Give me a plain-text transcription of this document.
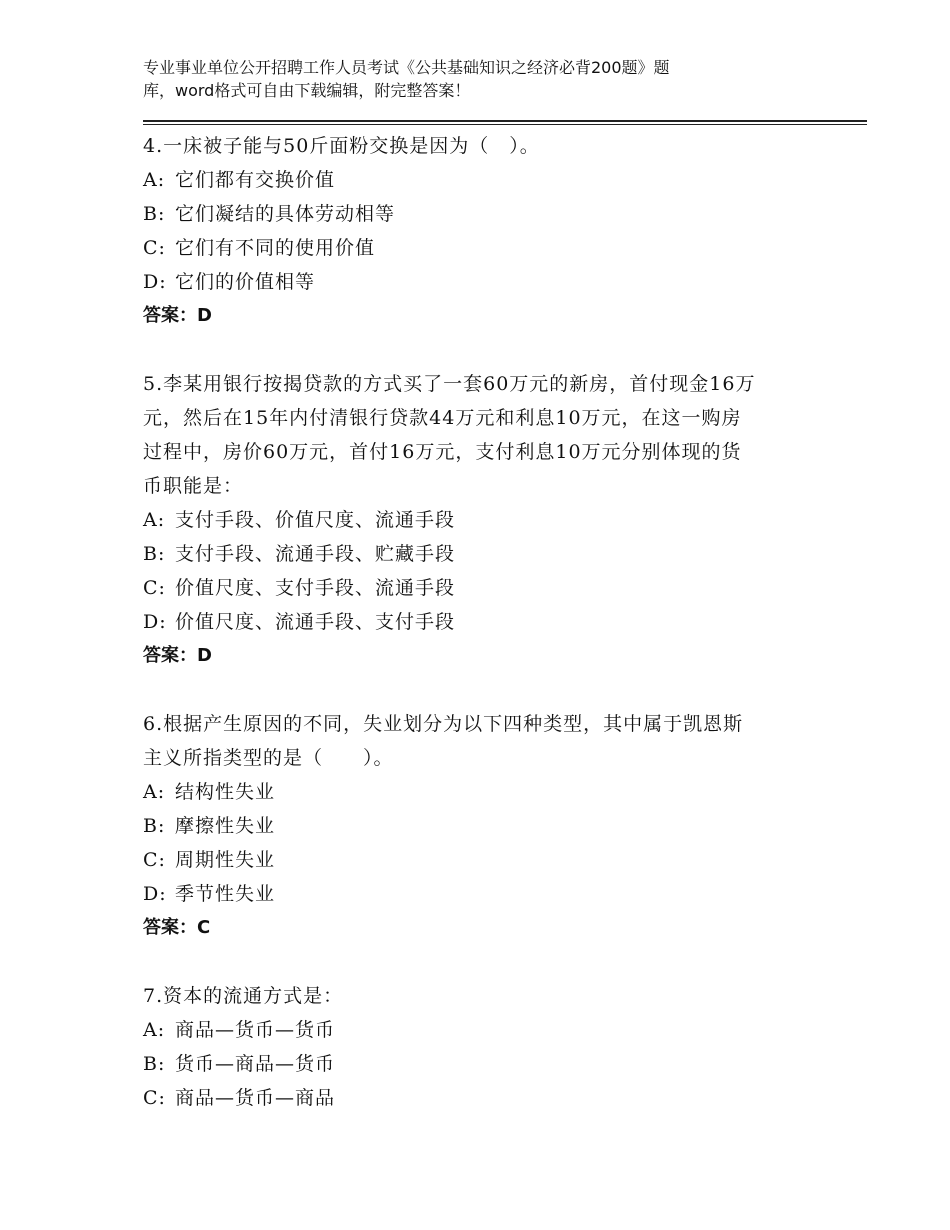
专业事业单位公开招聘工作人员考试《公共基础知识之经济必背200题》题
库，word格式可自由下载编辑，附完整答案！
4.一床被子能与50斤面粉交换是因为（　）。
A: 它们都有交换价值
B: 它们凝结的具体劳动相等
C: 它们有不同的使用价值
D: 它们的价值相等
答案：D
5.李某用银行按揭贷款的方式买了一套60万元的新房，首付现金16万
元，然后在15年内付清银行贷款44万元和利息10万元，在这一购房
过程中，房价60万元，首付16万元，支付利息10万元分别体现的货
币职能是：
A: 支付手段、价值尺度、流通手段
B: 支付手段、流通手段、贮藏手段
C: 价值尺度、支付手段、流通手段
D: 价值尺度、流通手段、支付手段
答案：D
6.根据产生原因的不同，失业划分为以下四种类型，其中属于凯恩斯
主义所指类型的是（　　）。
A: 结构性失业
B: 摩擦性失业
C: 周期性失业
D: 季节性失业
答案：C
7.资本的流通方式是：
A: 商品—货币—货币
B: 货币—商品—货币
C: 商品—货币—商品
